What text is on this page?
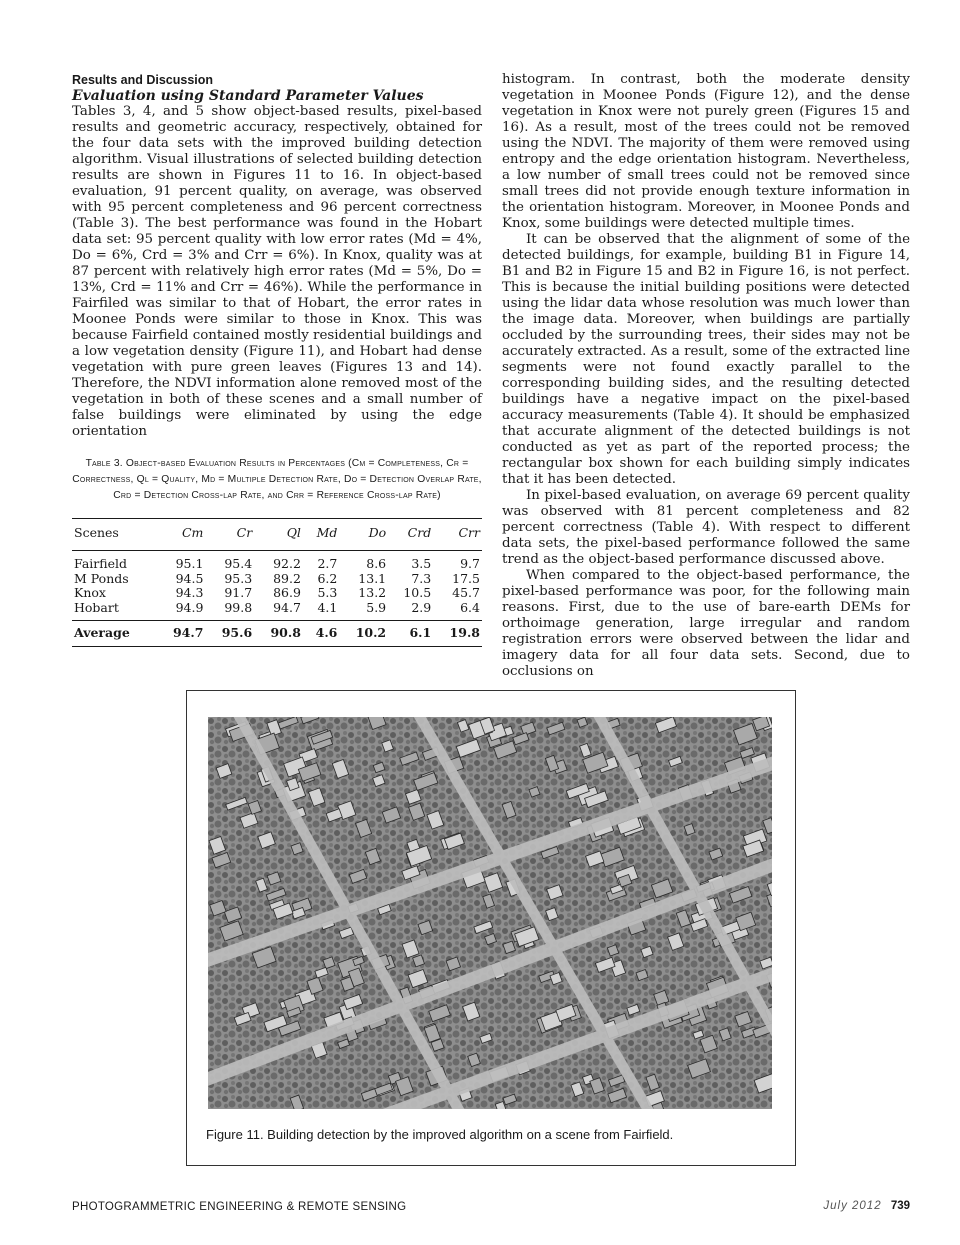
Results and Discussion
Evaluation using Standard Parameter Values

Tables 3, 4, and 5 show object-based results, pixel-based results and geometric accuracy, respectively, obtained for the four data sets with the improved building detection algorithm. Visual illustrations of selected building detection results are shown in Figures 11 to 16. In object-based evaluation, 91 percent quality, on average, was observed with 95 percent completeness and 96 percent correctness (Table 3). The best performance was found in the Hobart data set: 95 percent quality with low error rates (Md = 4%, Do = 6%, Crd = 3% and Crr = 6%). In Knox, quality was at 87 percent with relatively high error rates (Md = 5%, Do = 13%, Crd = 11% and Crr = 46%). While the performance in Fairfiled was similar to that of Hobart, the error rates in Moonee Ponds were similar to those in Knox. This was because Fairfield contained mostly residential buildings and a low vegetation density (Figure 11), and Hobart had dense vegetation with pure green leaves (Figures 13 and 14). Therefore, the NDVI information alone removed most of the vegetation in both of these scenes and a small number of false buildings were eliminated by using the edge orientation

Table 3. Object-based Evaluation Results in Percentages (Cm = Completeness, Cr = Correctness, Ql = Quality, Md = Multiple Detection Rate, Do = Detection Overlap Rate, Crd = Detection Cross-lap Rate, and Crr = Reference Cross-lap Rate)
Scenes	Cm	Cr	Ql	Md	Do	Crd	Crr
Fairfield	95.1	95.4	92.2	2.7	8.6	3.5	9.7
M Ponds	94.5	95.3	89.2	6.2	13.1	7.3	17.5
Knox	94.3	91.7	86.9	5.3	13.2	10.5	45.7
Hobart	94.9	99.8	94.7	4.1	5.9	2.9	6.4
Average	94.7	95.6	90.8	4.6	10.2	6.1	19.8

histogram. In contrast, both the moderate density vegetation in Moonee Ponds (Figure 12), and the dense vegetation in Knox were not purely green (Figures 15 and 16). As a result, most of the trees could not be removed using the NDVI. The majority of them were removed using entropy and the edge orientation histogram. Nevertheless, a low number of small trees could not be removed since small trees did not provide enough texture information in the orientation histogram. Moreover, in Moonee Ponds and Knox, some buildings were detected multiple times.

It can be observed that the alignment of some of the detected buildings, for example, building B1 in Figure 14, B1 and B2 in Figure 15 and B2 in Figure 16, is not perfect. This is because the initial building positions were detected using the lidar data whose resolution was much lower than the image data. Moreover, when buildings are partially occluded by the surrounding trees, their sides may not be accurately extracted. As a result, some of the extracted line segments were not found exactly parallel to the corresponding building sides, and the resulting detected buildings have a negative impact on the pixel-based accuracy measurements (Table 4). It should be emphasized that accurate alignment of the detected buildings is not conducted as yet as part of the reported process; the rectangular box shown for each building simply indicates that it has been detected.

In pixel-based evaluation, on average 69 percent quality was observed with 81 percent completeness and 82 percent correctness (Table 4). With respect to different data sets, the pixel-based performance followed the same trend as the object-based performance discussed above.

When compared to the object-based performance, the pixel-based performance was poor, for the following main reasons. First, due to the use of bare-earth DEMs for orthoimage generation, large irregular and random registration errors were observed between the lidar and imagery data for all four data sets. Second, due to occlusions on

Figure 11. Building detection by the improved algorithm on a scene from Fairfield.
PHOTOGRAMMETRIC ENGINEERING & REMOTE SENSING	July 2012 739
